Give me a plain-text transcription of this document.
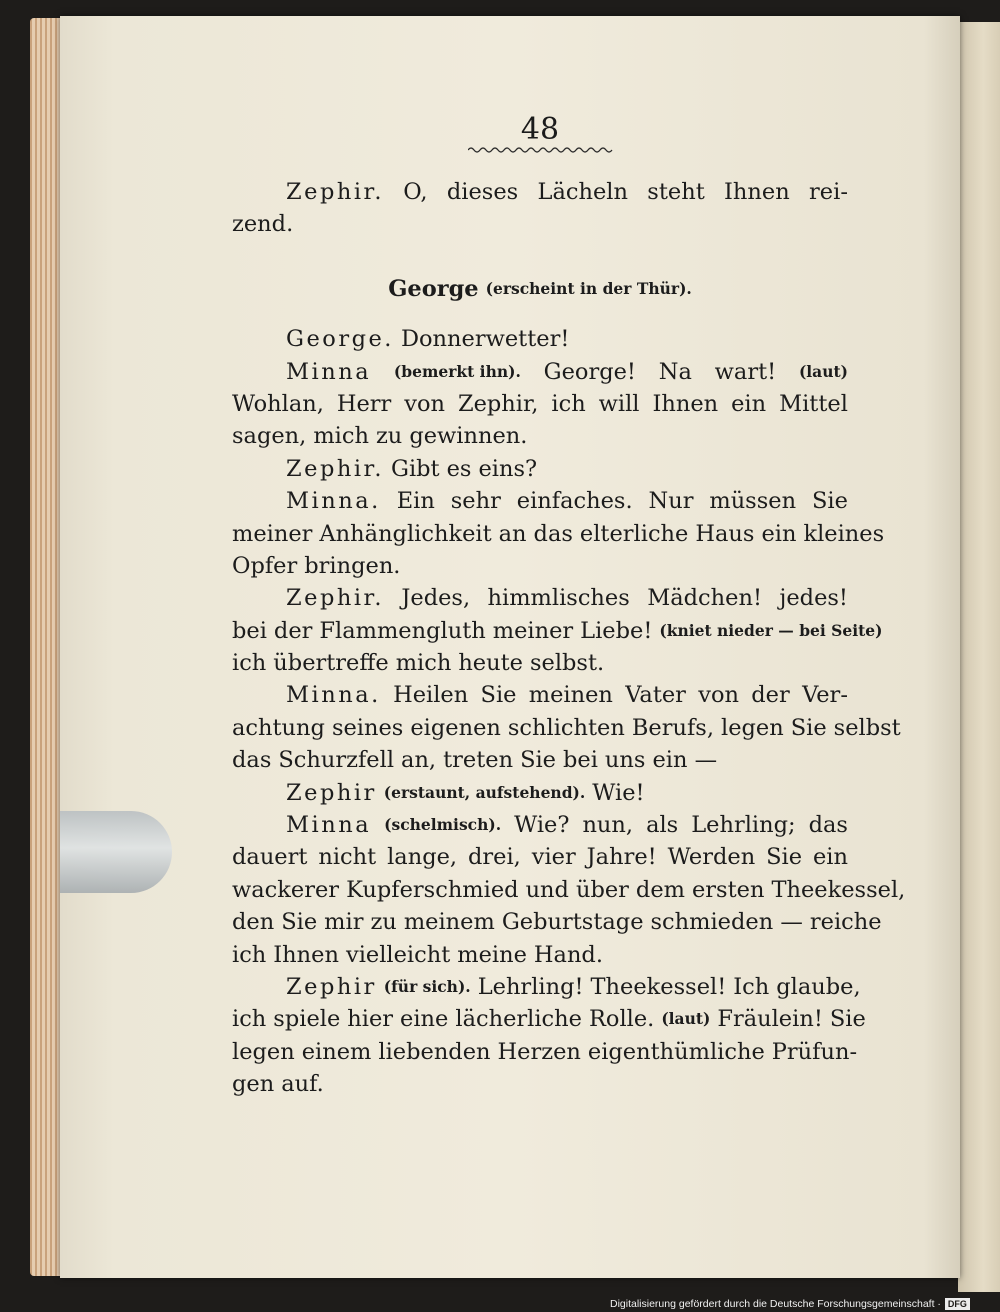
48
Zephir. O, dieses Lächeln steht Ihnen rei-
zend.
George (erscheint in der Thür).
George. Donnerwetter!
Minna (bemerkt ihn). George! Na wart! (laut)
Wohlan, Herr von Zephir, ich will Ihnen ein Mittel
sagen, mich zu gewinnen.
Zephir. Gibt es eins?
Minna. Ein sehr einfaches. Nur müssen Sie
meiner Anhänglichkeit an das elterliche Haus ein kleines
Opfer bringen.
Zephir. Jedes, himmlisches Mädchen! jedes!
bei der Flammengluth meiner Liebe! (kniet nieder — bei Seite)
ich übertreffe mich heute selbst.
Minna. Heilen Sie meinen Vater von der Ver-
achtung seines eigenen schlichten Berufs, legen Sie selbst
das Schurzfell an, treten Sie bei uns ein —
Zephir (erstaunt, aufstehend). Wie!
Minna (schelmisch). Wie? nun, als Lehrling; das
dauert nicht lange, drei, vier Jahre! Werden Sie ein
wackerer Kupferschmied und über dem ersten Theekessel,
den Sie mir zu meinem Geburtstage schmieden — reiche
ich Ihnen vielleicht meine Hand.
Zephir (für sich). Lehrling! Theekessel! Ich glaube,
ich spiele hier eine lächerliche Rolle. (laut) Fräulein! Sie
legen einem liebenden Herzen eigenthümliche Prüfun-
gen auf.
Digitalisierung gefördert durch die Deutsche Forschungsgemeinschaft · DFG
